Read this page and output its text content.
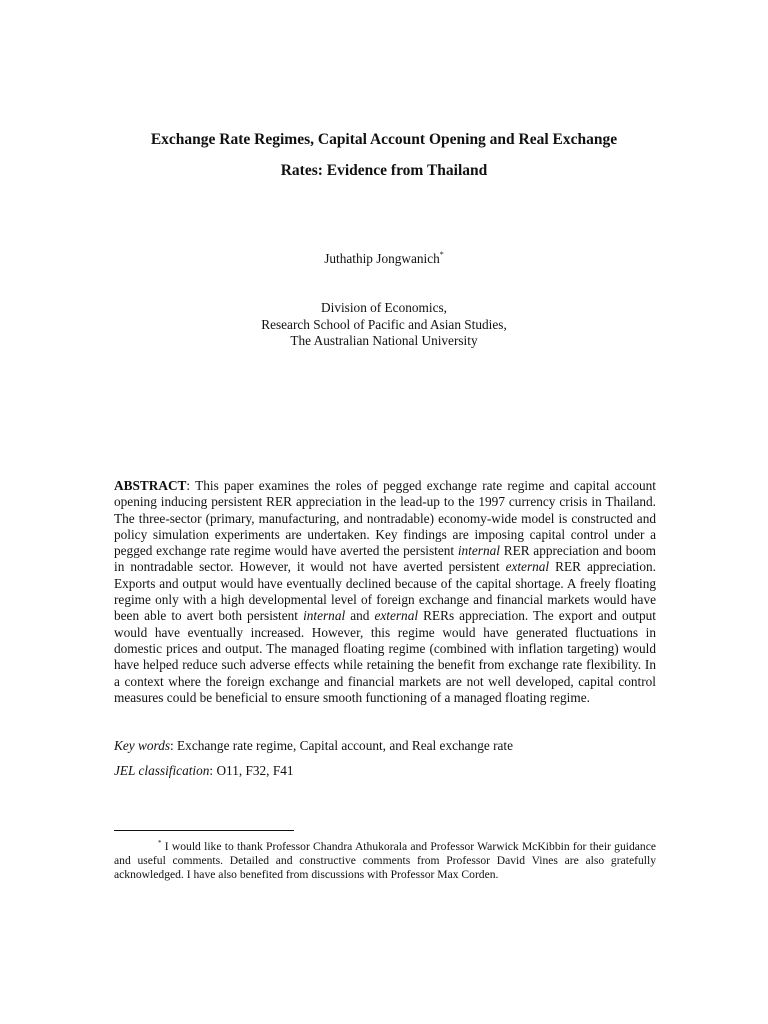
Exchange Rate Regimes, Capital Account Opening and Real Exchange
Rates: Evidence from Thailand
Juthathip Jongwanich*
Division of Economics,
Research School of Pacific and Asian Studies,
The Australian National University
ABSTRACT: This paper examines the roles of pegged exchange rate regime and capital account opening inducing persistent RER appreciation in the lead-up to the 1997 currency crisis in Thailand. The three-sector (primary, manufacturing, and nontradable) economy-wide model is constructed and policy simulation experiments are undertaken. Key findings are imposing capital control under a pegged exchange rate regime would have averted the persistent internal RER appreciation and boom in nontradable sector. However, it would not have averted persistent external RER appreciation. Exports and output would have eventually declined because of the capital shortage. A freely floating regime only with a high developmental level of foreign exchange and financial markets would have been able to avert both persistent internal and external RERs appreciation. The export and output would have eventually increased. However, this regime would have generated fluctuations in domestic prices and output. The managed floating regime (combined with inflation targeting) would have helped reduce such adverse effects while retaining the benefit from exchange rate flexibility. In a context where the foreign exchange and financial markets are not well developed, capital control measures could be beneficial to ensure smooth functioning of a managed floating regime.
Key words: Exchange rate regime, Capital account, and Real exchange rate
JEL classification: O11, F32, F41
* I would like to thank Professor Chandra Athukorala and Professor Warwick McKibbin for their guidance and useful comments. Detailed and constructive comments from Professor David Vines are also gratefully acknowledged. I have also benefited from discussions with Professor Max Corden.
